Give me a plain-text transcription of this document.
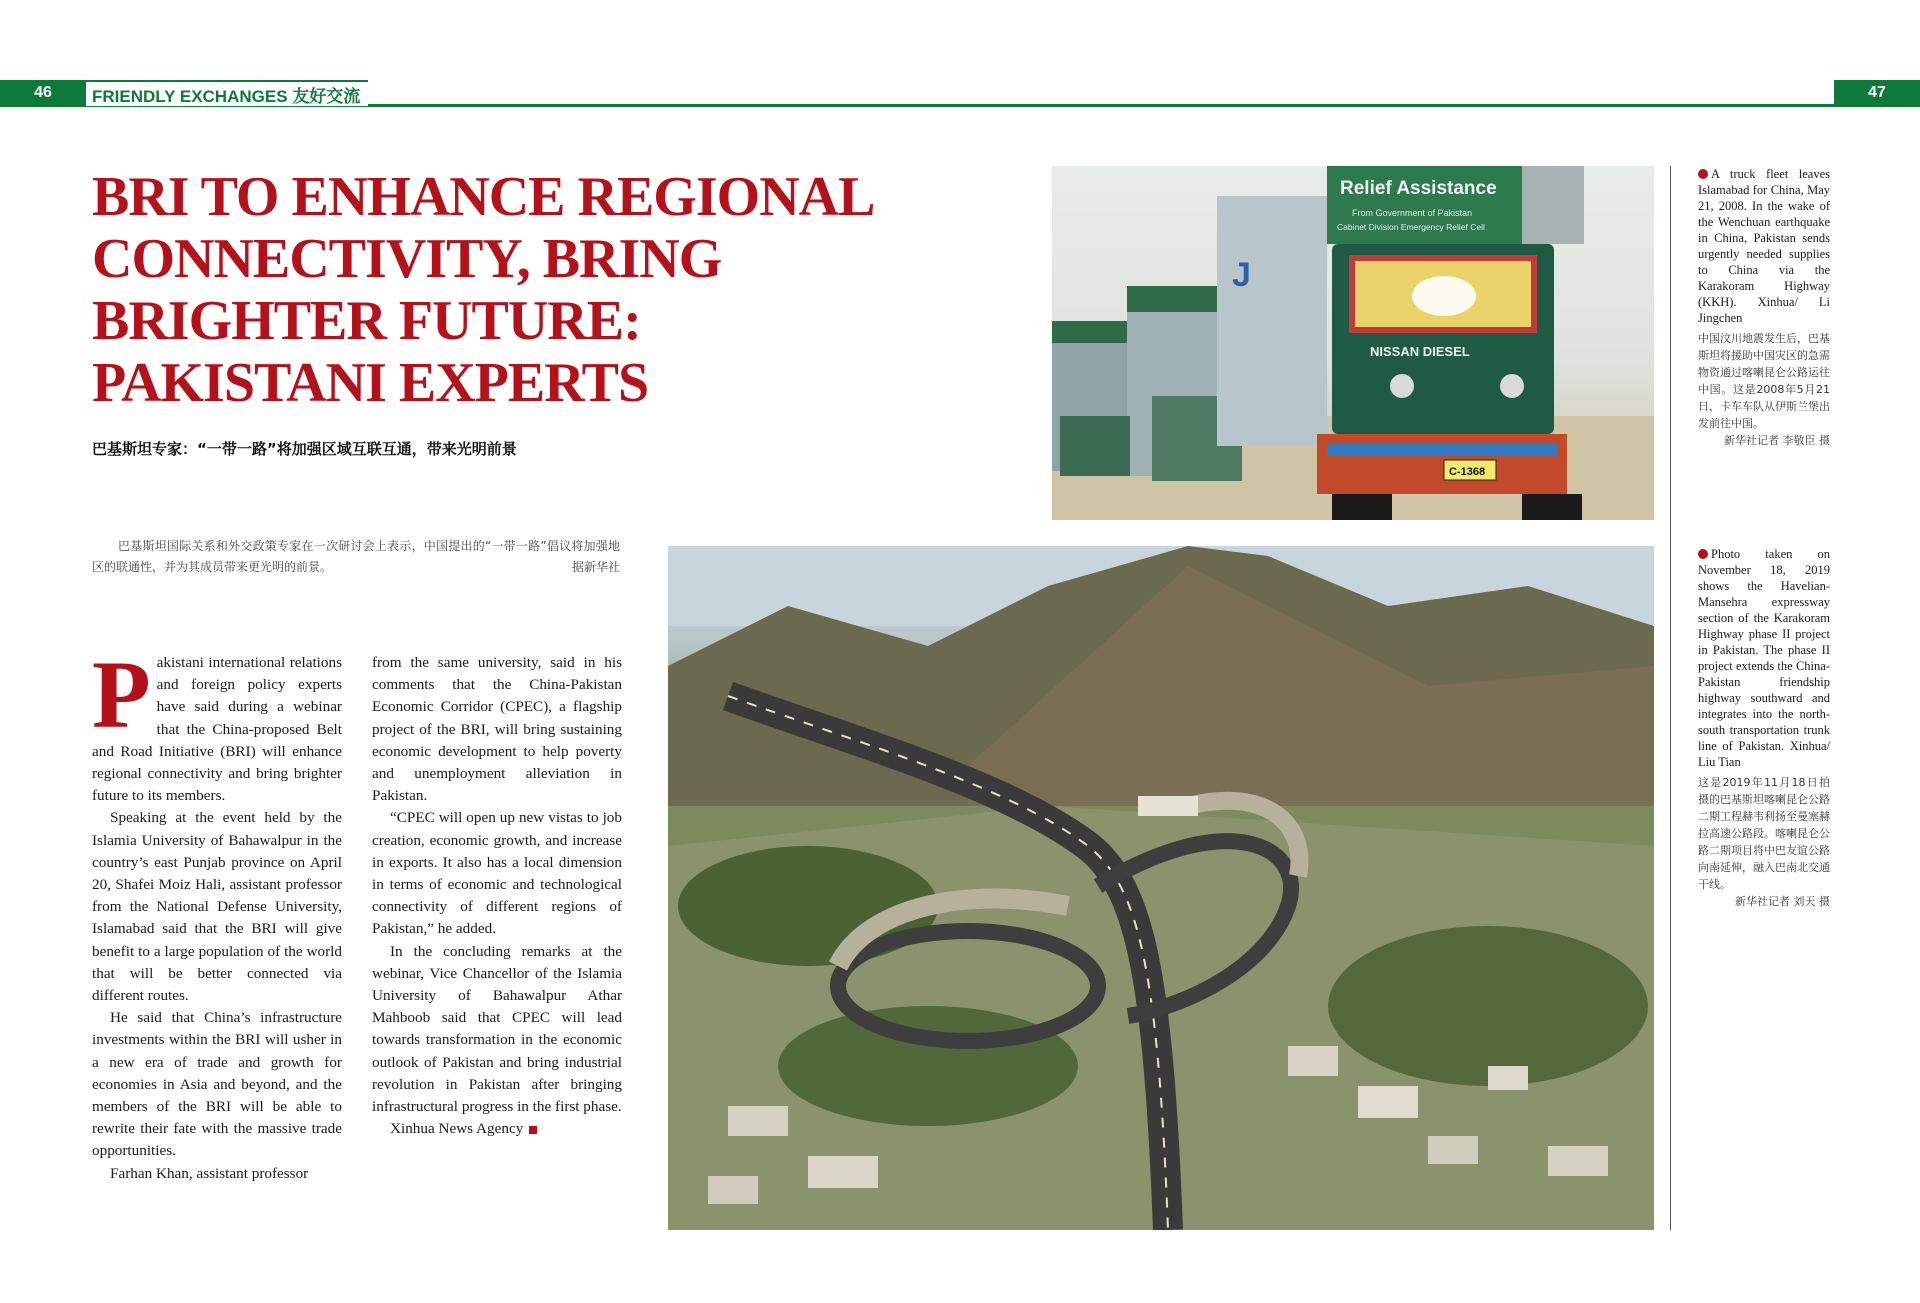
46	FRIENDLY EXCHANGES 友好交流	47
BRI TO ENHANCE REGIONAL CONNECTIVITY, BRING BRIGHTER FUTURE: PAKISTANI EXPERTS
巴基斯坦专家：“一带一路”将加强区域互联互通，带来光明前景
巴基斯坦国际关系和外交政策专家在一次研讨会上表示，中国提出的“一带一路”倡议将加强地区的联通性，并为其成员带来更光明的前景。	据新华社

Pakistani international relations and foreign policy experts have said during a webinar that the China-proposed Belt and Road Initiative (BRI) will enhance regional connectivity and bring brighter future to its members.

Speaking at the event held by the Islamia University of Bahawalpur in the country’s east Punjab province on April 20, Shafei Moiz Hali, assistant professor from the National Defense University, Islamabad said that the BRI will give benefit to a large population of the world that will be better connected via different routes.

He said that China’s infrastructure investments within the BRI will usher in a new era of trade and growth for economies in Asia and beyond, and the members of the BRI will be able to rewrite their fate with the massive trade opportunities.

Farhan Khan, assistant professor

from the same university, said in his comments that the China-Pakistan Economic Corridor (CPEC), a flagship project of the BRI, will bring sustaining economic development to help poverty and unemployment alleviation in Pakistan.

“CPEC will open up new vistas to job creation, economic growth, and increase in exports. It also has a local dimension in terms of economic and technological connectivity of different regions of Pakistan,” he added.

In the concluding remarks at the webinar, Vice Chancellor of the Islamia University of Bahawalpur Athar Mahboob said that CPEC will lead towards transformation in the economic outlook of Pakistan and bring industrial revolution in Pakistan after bringing infrastructural progress in the first phase.

Xinhua News Agency

J
Relief Assistance
From Government of Pakistan
Cabinet Division Emergency Relief Cell
NISSAN DIESEL
C-1368
A truck fleet leaves Islamabad for China, May 21, 2008. In the wake of the Wenchuan earthquake in China, Pakistan sends urgently needed supplies to China via the Karakoram Highway (KKH). Xinhua/ Li Jingchen
中国汶川地震发生后，巴基斯坦将援助中国灾区的急需物资通过喀喇昆仑公路运往中国。这是2008年5月21日，卡车车队从伊斯兰堡出发前往中国。
新华社记者 李敬臣 摄
Photo taken on November 18, 2019 shows the Havelian-Mansehra expressway section of the Karakoram Highway phase II project in Pakistan. The phase II project extends the China-Pakistan friendship highway southward and integrates into the north-south transportation trunk line of Pakistan. Xinhua/ Liu Tian
这是2019年11月18日拍摄的巴基斯坦喀喇昆仑公路二期工程赫韦利扬至曼塞赫拉高速公路段。喀喇昆仑公路二期项目将中巴友谊公路向南延伸，融入巴南北交通干线。
新华社记者 刘天 摄
